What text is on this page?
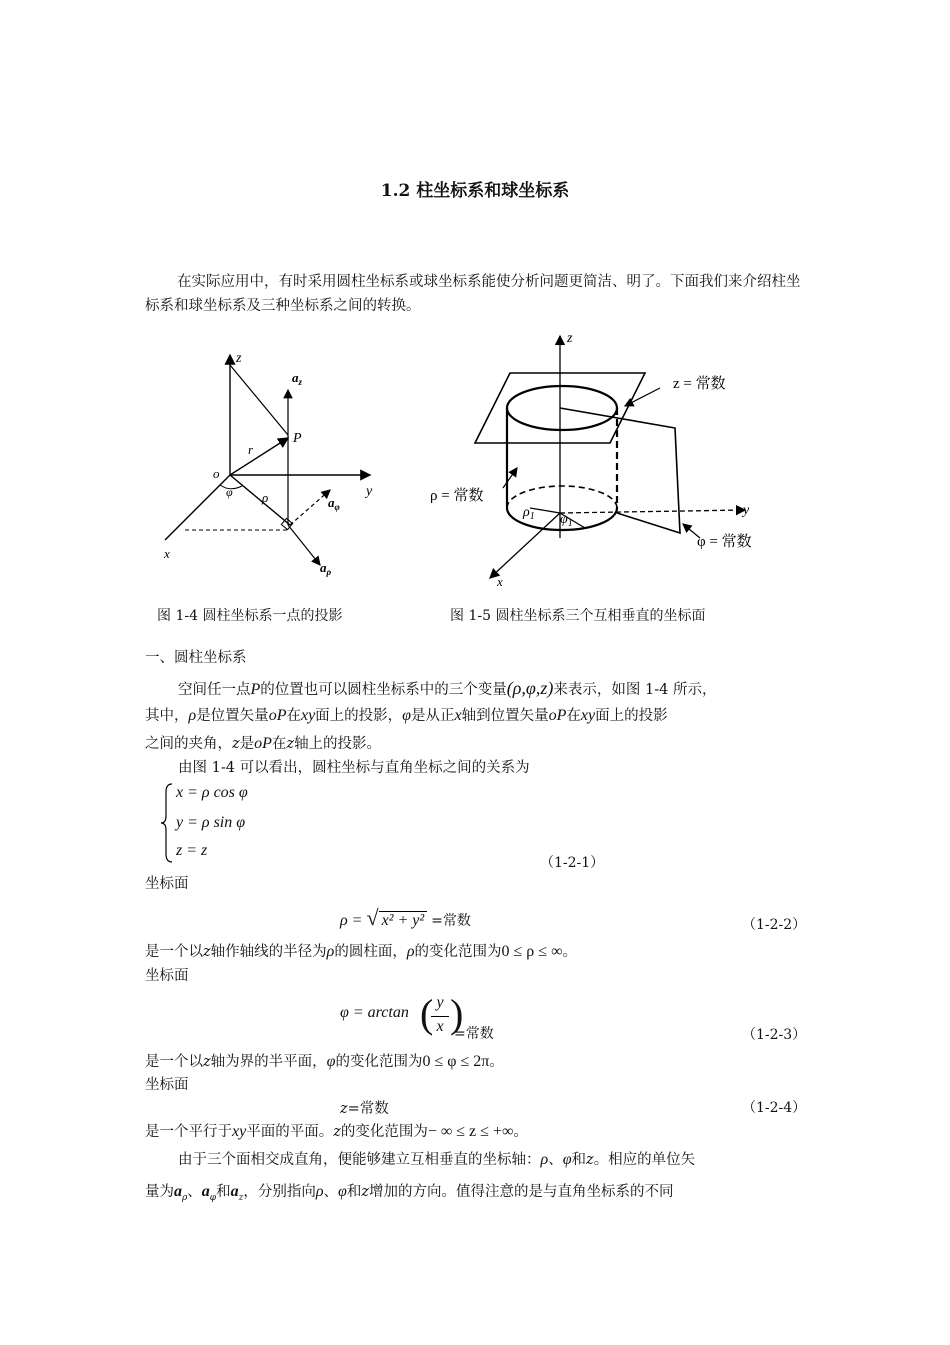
1.2 柱坐标系和球坐标系
在实际应用中，有时采用圆柱坐标系或球坐标系能使分析问题更简洁、明了。下面我们来介绍柱坐标系和球坐标系及三种坐标系之间的转换。
z
$a_z$
P
r
o
y
φ ρ	$a_\varphi$
x
$a_\rho$
z
z = 常数
ρ = 常数
$\rho_1$ $\varphi_1$
y
φ = 常数
x
图 1-4 圆柱坐标系一点的投影	图 1-5 圆柱坐标系三个互相垂直的坐标面
一、圆柱坐标系
空间任一点P的位置也可以圆柱坐标系中的三个变量(ρ,φ,z)来表示，如图 1-4 所示，
其中，ρ是位置矢量oP在xy面上的投影，φ是从正x轴到位置矢量oP在xy面上的投影
之间的夹角，z是oP在z轴上的投影。
由图 1-4 可以看出，圆柱坐标与直角坐标之间的关系为
x = ρ cos φ
y = ρ sin φ
z = z
（1-2-1）
坐标面
ρ = √ x² + y² =常数	（1-2-2）
是一个以z轴作轴线的半径为ρ的圆柱面，ρ的变化范围为0 ≤ ρ ≤ ∞。
坐标面
φ = arctan ( y
x )
=常数	（1-2-3）
是一个以z轴为界的半平面，φ的变化范围为0 ≤ φ ≤ 2π。
坐标面
z=常数	（1-2-4）
是一个平行于xy平面的平面。z的变化范围为− ∞ ≤ z ≤ +∞。
由于三个面相交成直角，便能够建立互相垂直的坐标轴：ρ、φ和z。相应的单位矢
量为$a_\rho$、$a_\varphi$和$a_z$，分别指向ρ、φ和z增加的方向。值得注意的是与直角坐标系的不同
